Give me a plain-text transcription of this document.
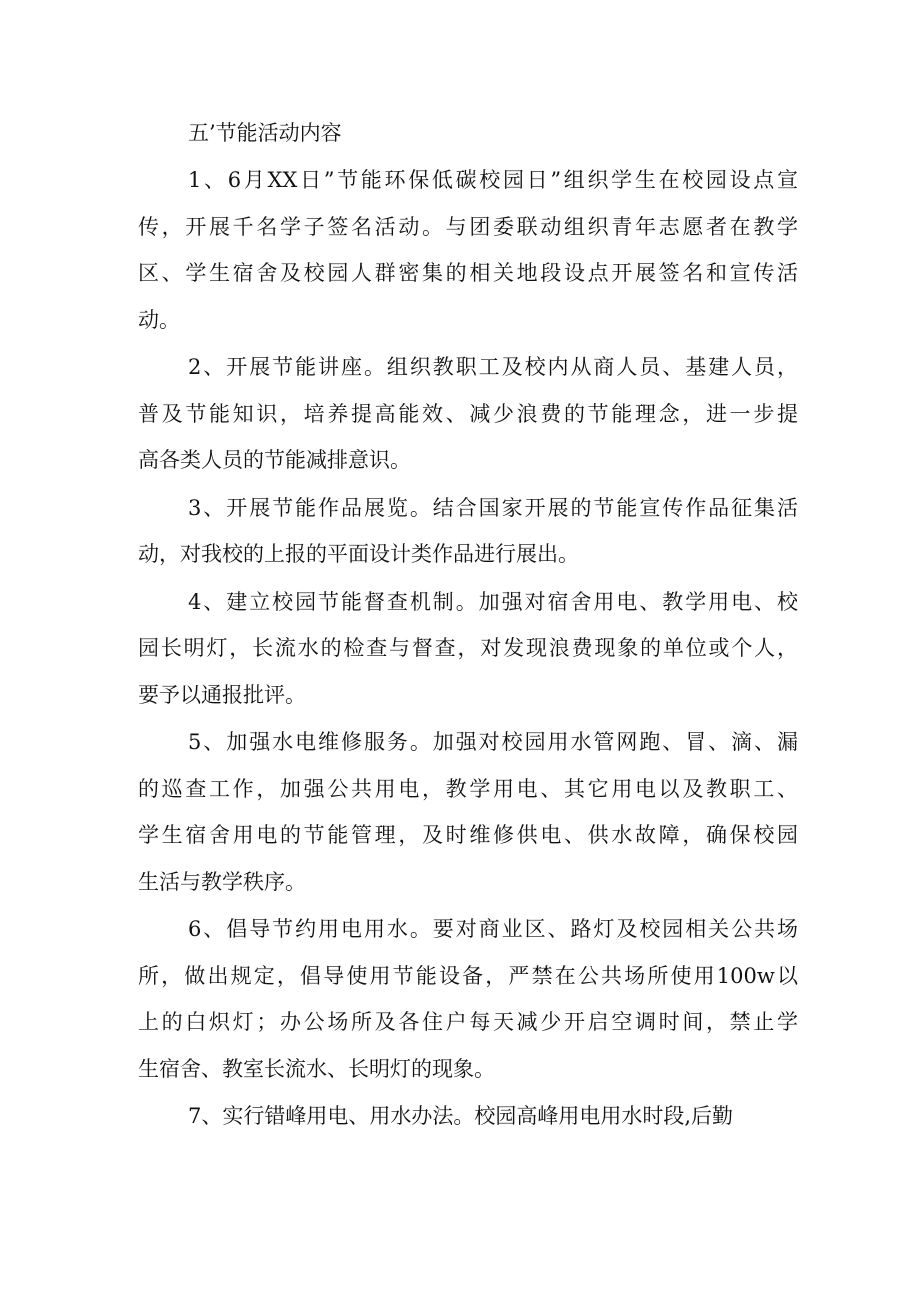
五’节能活动内容
1、6月XX日”节能环保低碳校园日”组织学生在校园设点宣
传，开展千名学子签名活动。与团委联动组织青年志愿者在教学
区、学生宿舍及校园人群密集的相关地段设点开展签名和宣传活
动。
2、开展节能讲座。组织教职工及校内从商人员、基建人员，
普及节能知识，培养提高能效、减少浪费的节能理念，进一步提
高各类人员的节能减排意识。
3、开展节能作品展览。结合国家开展的节能宣传作品征集活
动，对我校的上报的平面设计类作品进行展出。
4、建立校园节能督查机制。加强对宿舍用电、教学用电、校
园长明灯，长流水的检查与督查，对发现浪费现象的单位或个人，
要予以通报批评。
5、加强水电维修服务。加强对校园用水管网跑、冒、滴、漏
的巡查工作，加强公共用电，教学用电、其它用电以及教职工、
学生宿舍用电的节能管理，及时维修供电、供水故障，确保校园
生活与教学秩序。
6、倡导节约用电用水。要对商业区、路灯及校园相关公共场
所，做出规定，倡导使用节能设备，严禁在公共场所使用100w以
上的白炽灯；办公场所及各住户每天减少开启空调时间，禁止学
生宿舍、教室长流水、长明灯的现象。
7、实行错峰用电、用水办法。校园高峰用电用水时段,后勤
